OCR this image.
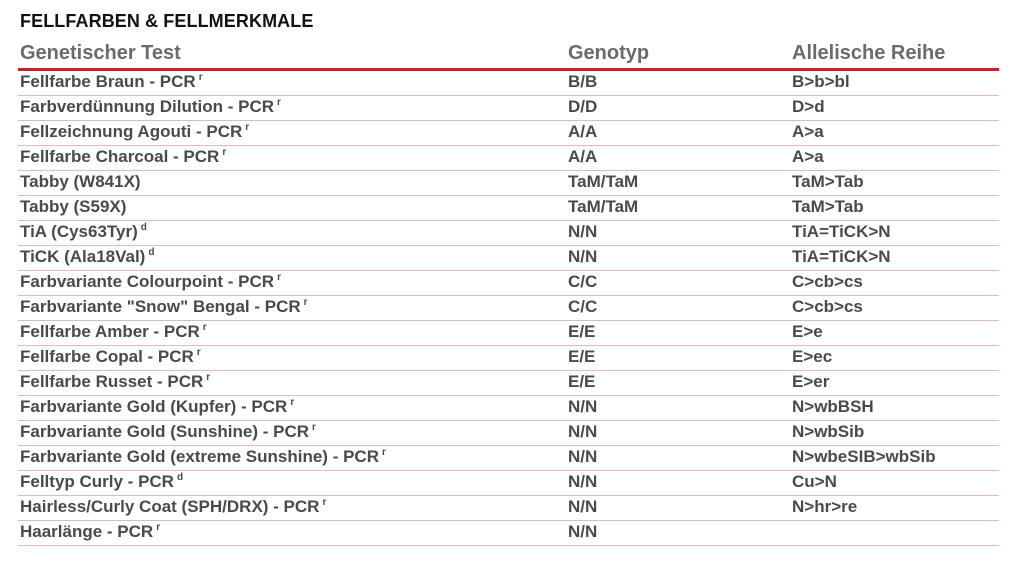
FELLFARBEN & FELLMERKMALE
Genetischer Test	Genotyp	Allelische Reihe
Fellfarbe Braun - PCR $^r$	B/B	B>b>bl
Farbverdünnung Dilution - PCR $^r$	D/D	D>d
Fellzeichnung Agouti - PCR $^r$	A/A	A>a
Fellfarbe Charcoal - PCR $^r$	A/A	A>a
Tabby (W841X)	TaM/TaM	TaM>Tab
Tabby (S59X)	TaM/TaM	TaM>Tab
TiA (Cys63Tyr) $^d$	N/N	TiA=TiCK>N
TiCK (Ala18Val) $^d$	N/N	TiA=TiCK>N
Farbvariante Colourpoint - PCR $^r$	C/C	C>cb>cs
Farbvariante "Snow" Bengal - PCR $^r$	C/C	C>cb>cs
Fellfarbe Amber - PCR $^r$	E/E	E>e
Fellfarbe Copal - PCR $^r$	E/E	E>ec
Fellfarbe Russet - PCR $^r$	E/E	E>er
Farbvariante Gold (Kupfer) - PCR $^r$	N/N	N>wbBSH
Farbvariante Gold (Sunshine) - PCR $^r$	N/N	N>wbSib
Farbvariante Gold (extreme Sunshine) - PCR $^r$	N/N	N>wbeSIB>wbSib
Felltyp Curly - PCR $^d$	N/N	Cu>N
Hairless/Curly Coat (SPH/DRX) - PCR $^r$	N/N	N>hr>re
Haarlänge - PCR $^r$	N/N
